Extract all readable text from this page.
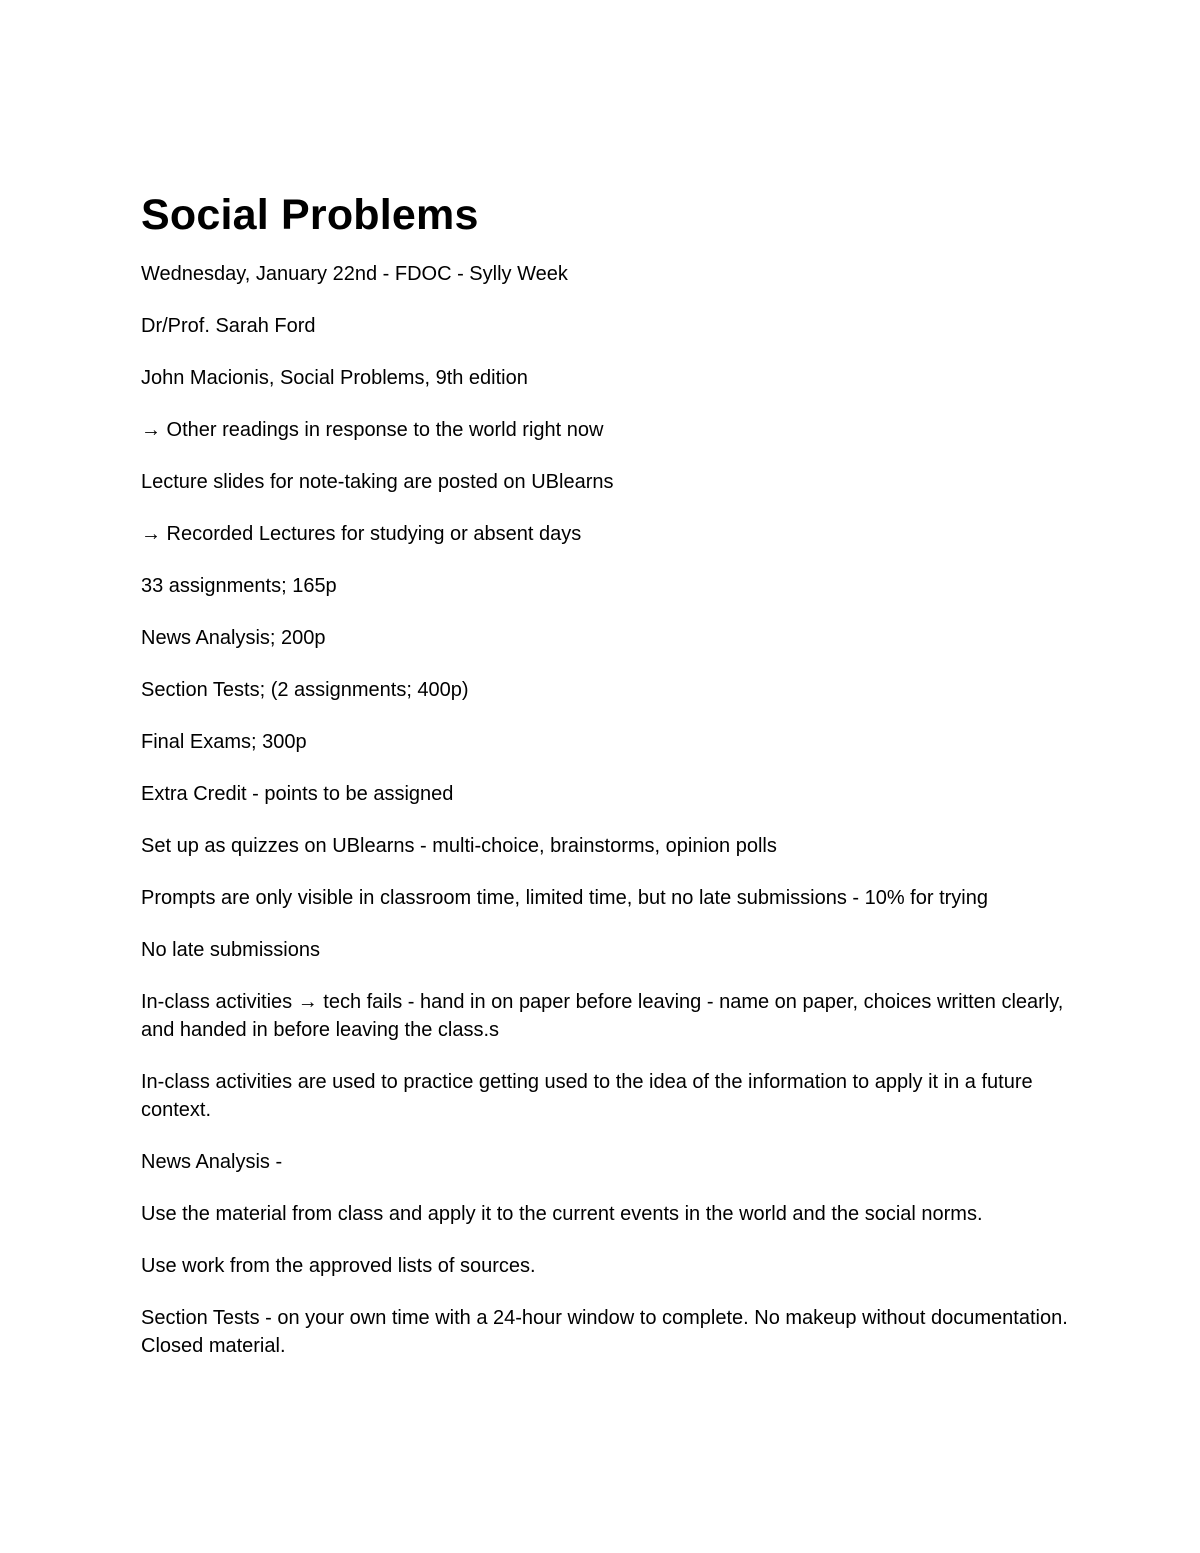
Social Problems

Wednesday, January 22nd - FDOC - Sylly Week

Dr/Prof. Sarah Ford

John Macionis, Social Problems, 9th edition

→ Other readings in response to the world right now

Lecture slides for note-taking are posted on UBlearns

→ Recorded Lectures for studying or absent days

33 assignments; 165p

News Analysis; 200p

Section Tests; (2 assignments; 400p)

Final Exams; 300p

Extra Credit - points to be assigned

Set up as quizzes on UBlearns - multi-choice, brainstorms, opinion polls

Prompts are only visible in classroom time, limited time, but no late submissions - 10% for trying

No late submissions

In-class activities → tech fails - hand in on paper before leaving - name on paper, choices written clearly, and handed in before leaving the class.s

In-class activities are used to practice getting used to the idea of the information to apply it in a future context.

News Analysis -

Use the material from class and apply it to the current events in the world and the social norms.

Use work from the approved lists of sources.

Section Tests - on your own time with a 24-hour window to complete. No makeup without documentation. Closed material.
